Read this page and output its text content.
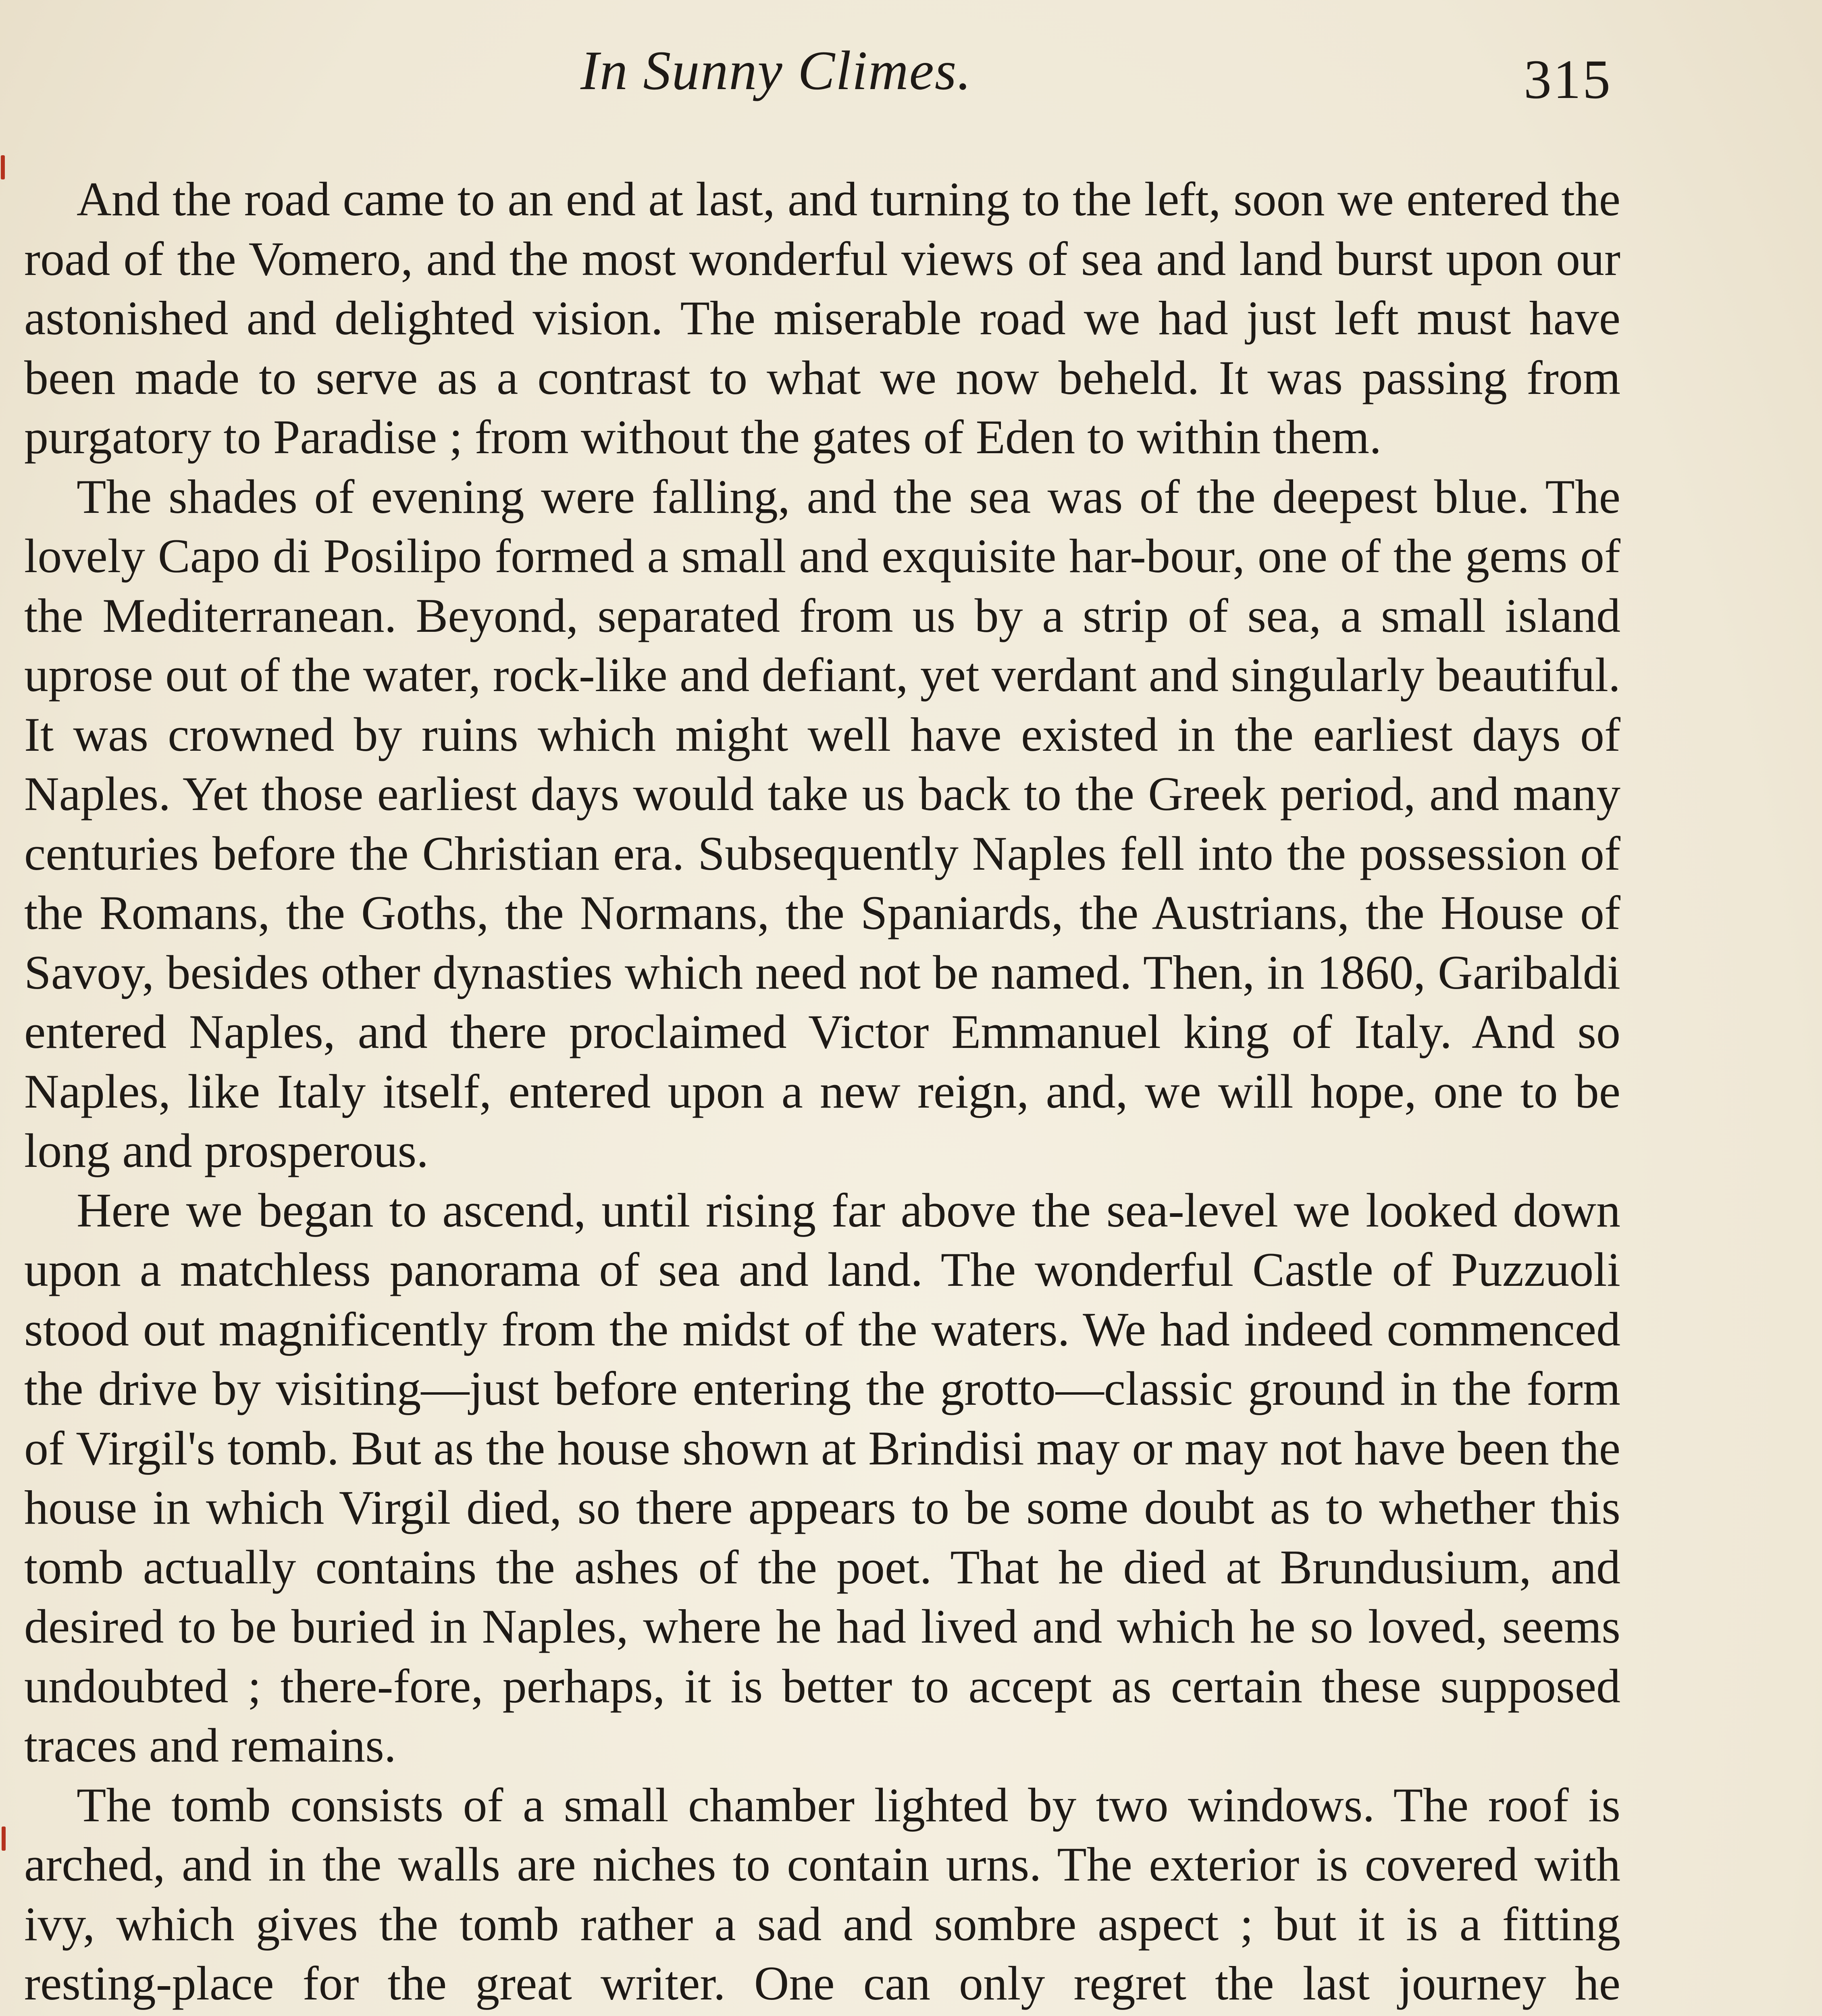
In Sunny Climes.	315

And the road came to an end at last, and turning to the left, soon we entered the road of the Vomero, and the most wonderful views of sea and land burst upon our astonished and delighted vision. The miserable road we had just left must have been made to serve as a contrast to what we now beheld. It was passing from purgatory to Paradise ; from without the gates of Eden to within them.

The shades of evening were falling, and the sea was of the deepest blue. The lovely Capo di Posilipo formed a small and exquisite har-bour, one of the gems of the Mediterranean. Beyond, separated from us by a strip of sea, a small island uprose out of the water, rock-like and defiant, yet verdant and singularly beautiful. It was crowned by ruins which might well have existed in the earliest days of Naples. Yet those earliest days would take us back to the Greek period, and many centuries before the Christian era. Subsequently Naples fell into the possession of the Romans, the Goths, the Normans, the Spaniards, the Austrians, the House of Savoy, besides other dynasties which need not be named. Then, in 1860, Garibaldi entered Naples, and there proclaimed Victor Emmanuel king of Italy. And so Naples, like Italy itself, entered upon a new reign, and, we will hope, one to be long and prosperous.

Here we began to ascend, until rising far above the sea-level we looked down upon a matchless panorama of sea and land. The wonderful Castle of Puzzuoli stood out magnificently from the midst of the waters. We had indeed commenced the drive by visiting—just before entering the grotto—classic ground in the form of Virgil's tomb. But as the house shown at Brindisi may or may not have been the house in which Virgil died, so there appears to be some doubt as to whether this tomb actually contains the ashes of the poet. That he died at Brundusium, and desired to be buried in Naples, where he had lived and which he so loved, seems undoubted ; there-fore, perhaps, it is better to accept as certain these supposed traces and remains.

The tomb consists of a small chamber lighted by two windows. The roof is arched, and in the walls are niches to contain urns. The exterior is covered with ivy, which gives the tomb rather a sad and sombre aspect ; but it is a fitting resting-place for the great writer. One can only regret the last journey he
